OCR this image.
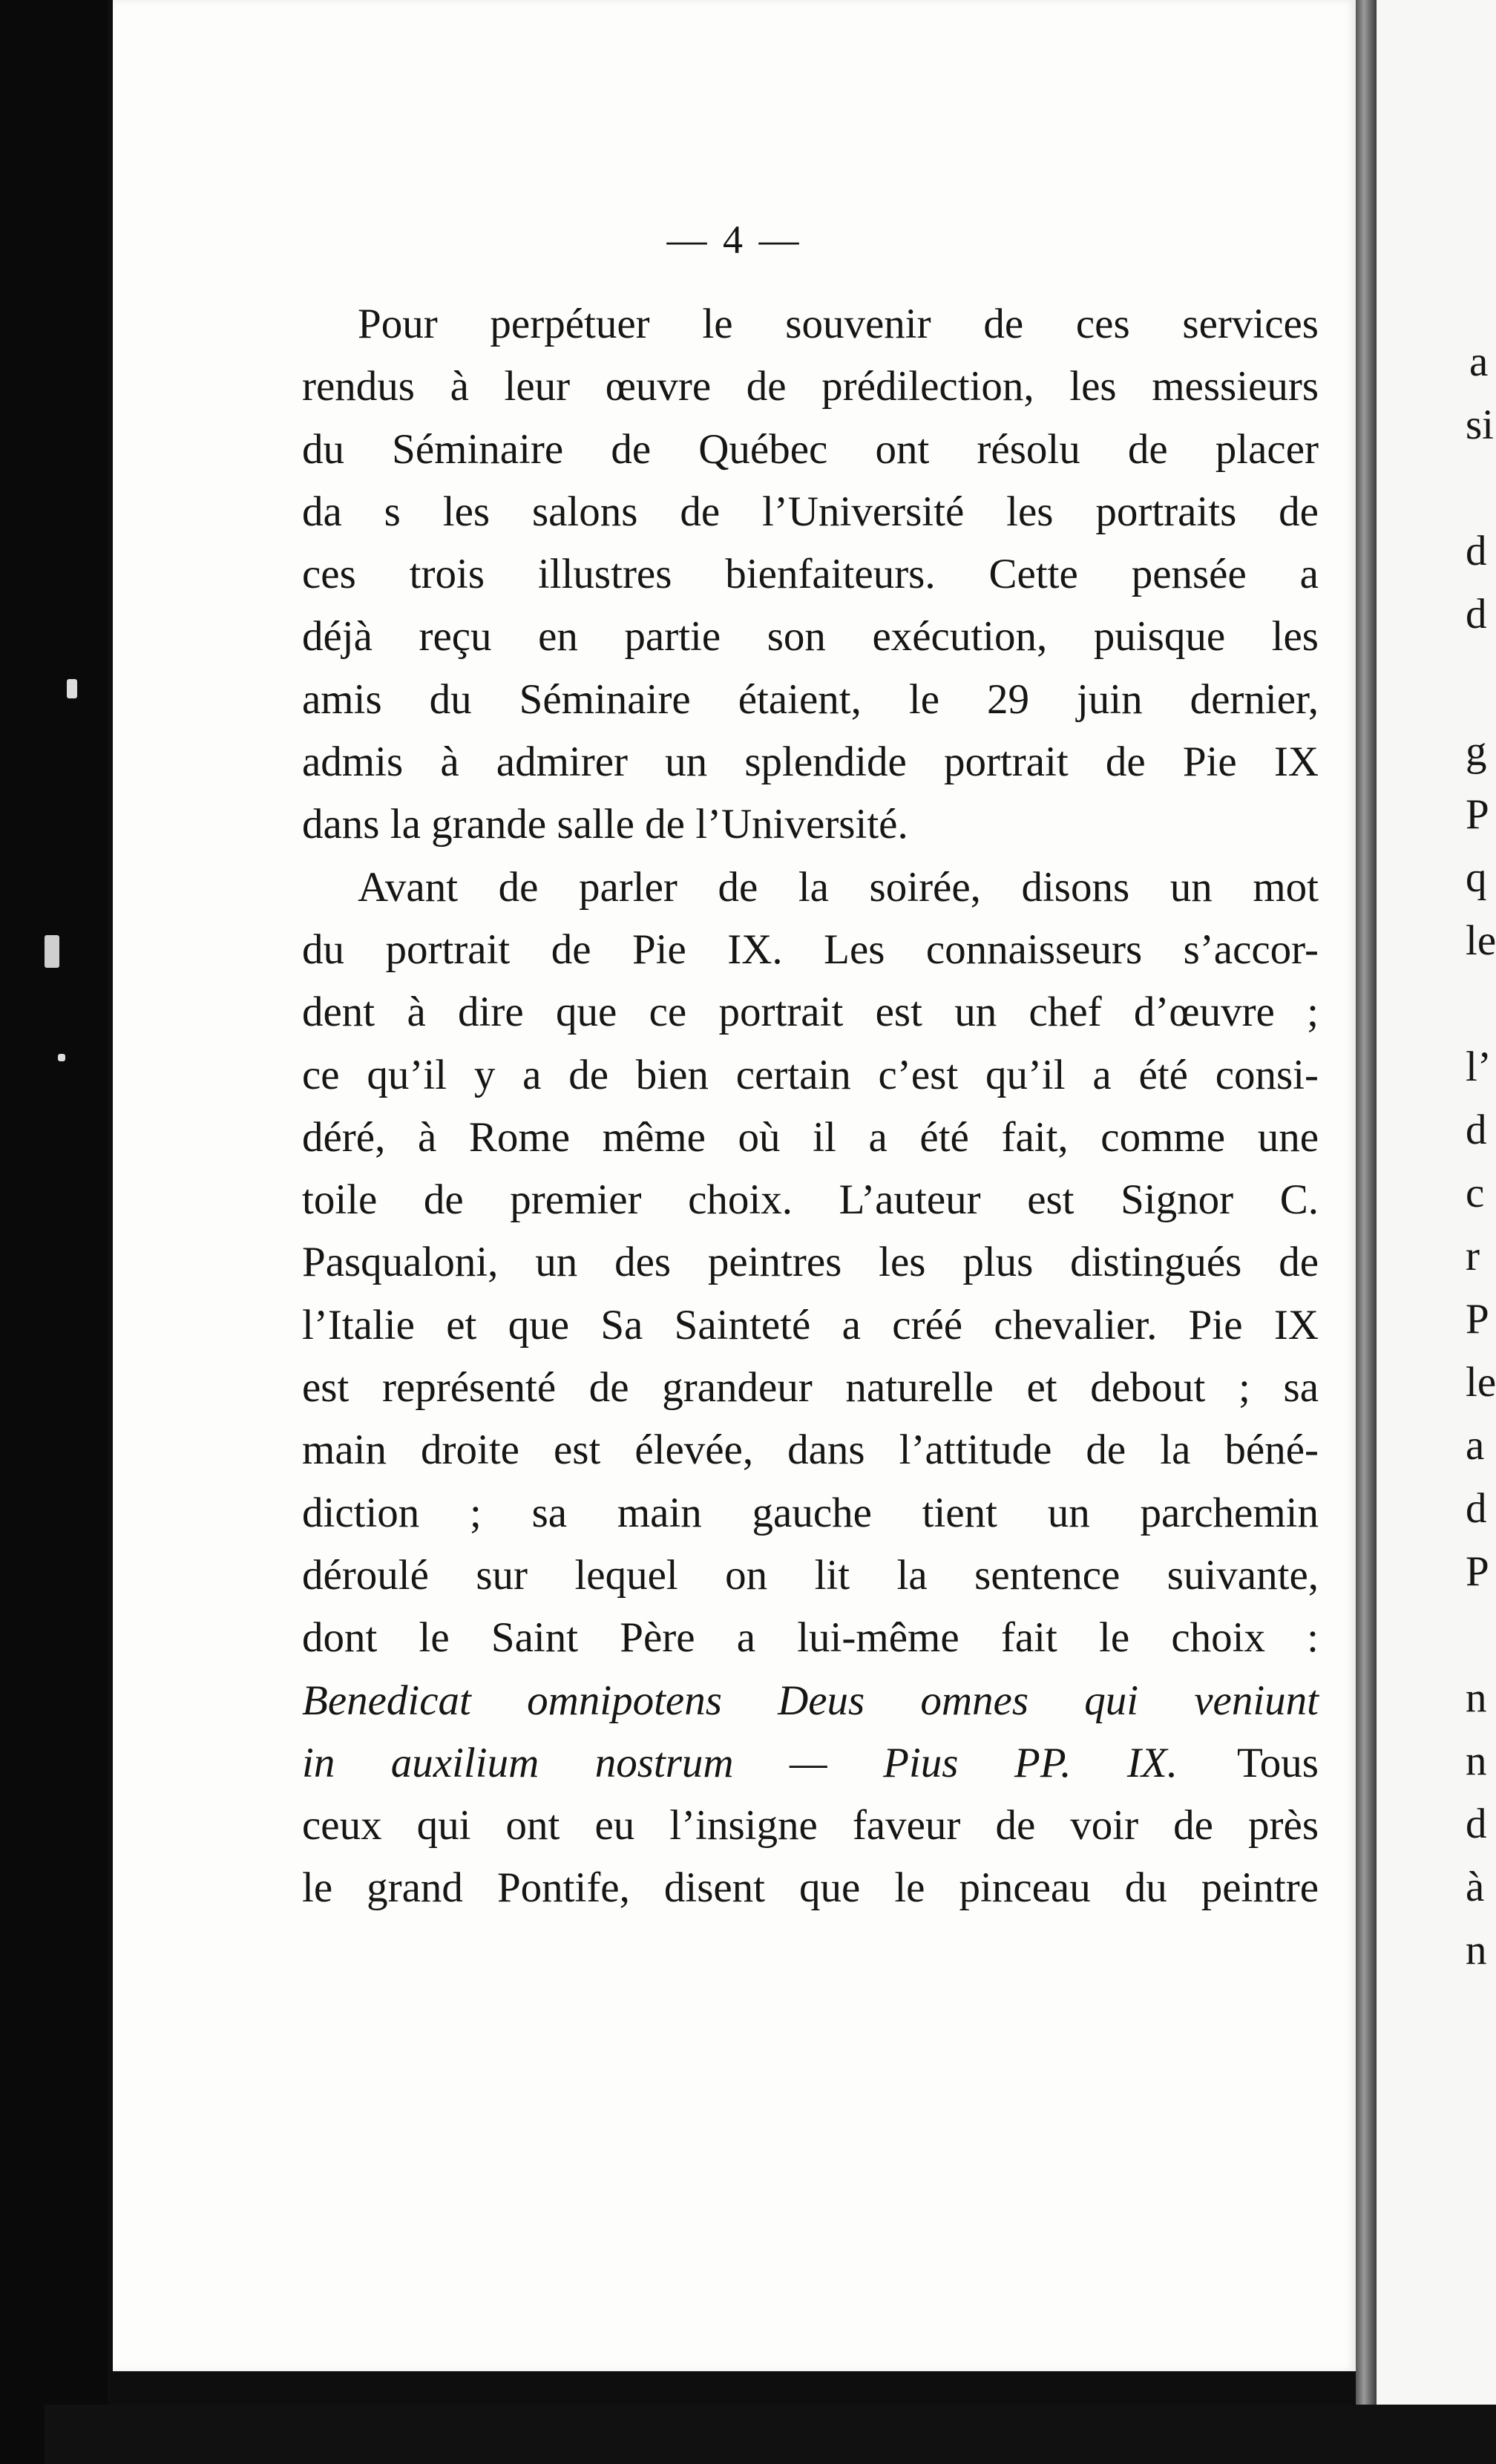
— 4 —
Pour perpétuer le souvenir de ces services
rendus à leur œuvre de prédilection, les messieurs
du Séminaire de Québec ont résolu de placer
da s les salons de l’Université les portraits de
ces trois illustres bienfaiteurs. Cette pensée a
déjà reçu en partie son exécution, puisque les
amis du Séminaire étaient, le 29 juin dernier,
admis à admirer un splendide portrait de Pie IX
dans la grande salle de l’Université.
Avant de parler de la soirée, disons un mot
du portrait de Pie IX. Les connaisseurs s’accor-
dent à dire que ce portrait est un chef d’œuvre ;
ce qu’il y a de bien certain c’est qu’il a été consi-
déré, à Rome même où il a été fait, comme une
toile de premier choix. L’auteur est Signor C.
Pasqualoni, un des peintres les plus distingués de
l’Italie et que Sa Sainteté a créé chevalier. Pie IX
est représenté de grandeur naturelle et debout ; sa
main droite est élevée, dans l’attitude de la béné-
diction ; sa main gauche tient un parchemin
déroulé sur lequel on lit la sentence suivante,
dont le Saint Père a lui-même fait le choix :
Benedicat omnipotens Deus omnes qui veniunt
in auxilium nostrum — Pius PP. IX. Tous
ceux qui ont eu l’insigne faveur de voir de près
le grand Pontife, disent que le pinceau du peintre
a
si
d
d
g
P
q
le
l’
d
c
r
P
le
a
d
P
n
n
d
à
n
